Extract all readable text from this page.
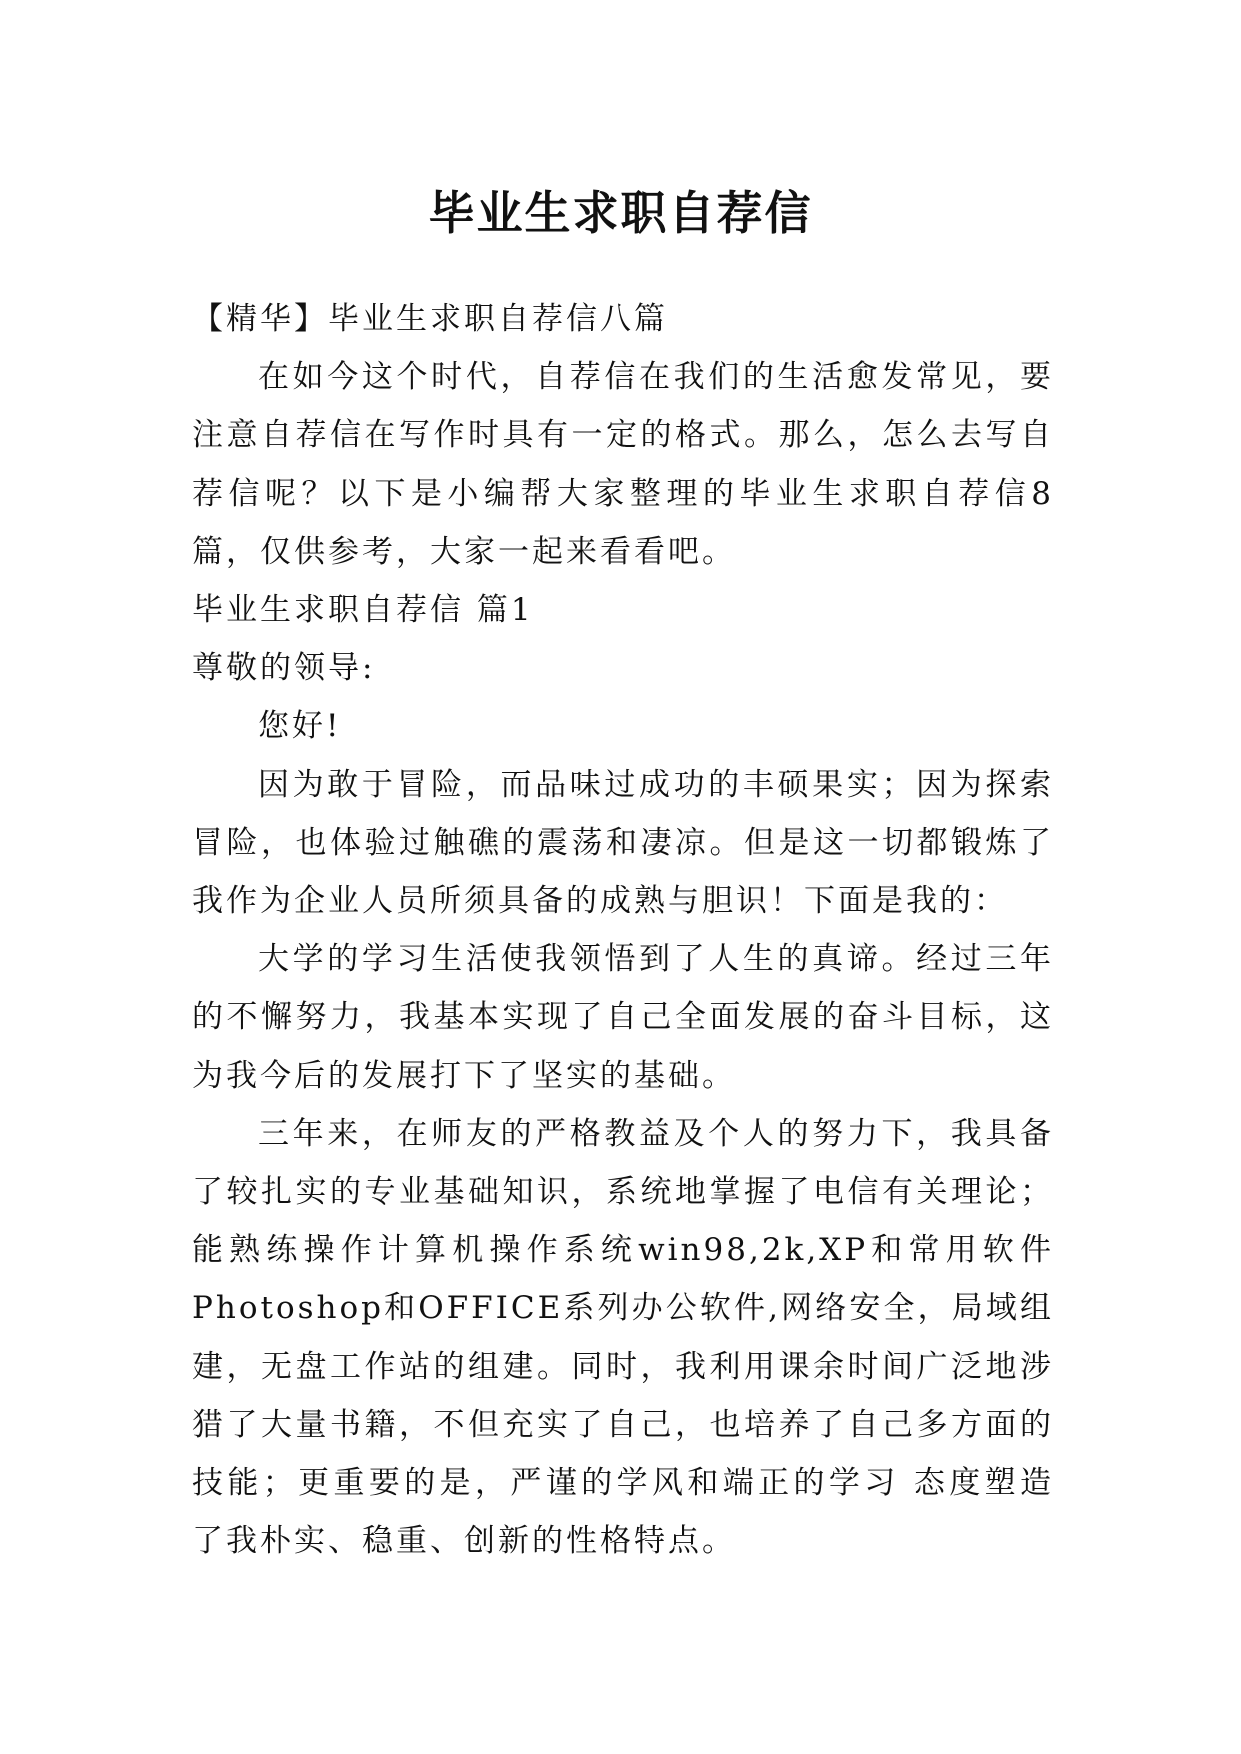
毕业生求职自荐信

【精华】毕业生求职自荐信八篇

在如今这个时代，自荐信在我们的生活愈发常见，要注意自荐信在写作时具有一定的格式。那么，怎么去写自荐信呢？以下是小编帮大家整理的毕业生求职自荐信8篇，仅供参考，大家一起来看看吧。

毕业生求职自荐信 篇1

尊敬的领导:

您好!

因为敢于冒险，而品味过成功的丰硕果实；因为探索冒险，也体验过触礁的震荡和凄凉。但是这一切都锻炼了我作为企业人员所须具备的成熟与胆识！下面是我的：

大学的学习生活使我领悟到了人生的真谛。经过三年的不懈努力，我基本实现了自己全面发展的奋斗目标，这为我今后的发展打下了坚实的基础。

三年来，在师友的严格教益及个人的努力下，我具备了较扎实的专业基础知识，系统地掌握了电信有关理论；能熟练操作计算机操作系统win98,2k,XP和常用软件Photoshop和OFFICE系列办公软件,网络安全，局域组建，无盘工作站的组建。同时，我利用课余时间广泛地涉猎了大量书籍，不但充实了自己，也培养了自己多方面的技能；更重要的是，严谨的学风和端正的学习 态度塑造了我朴实、稳重、创新的性格特点。
